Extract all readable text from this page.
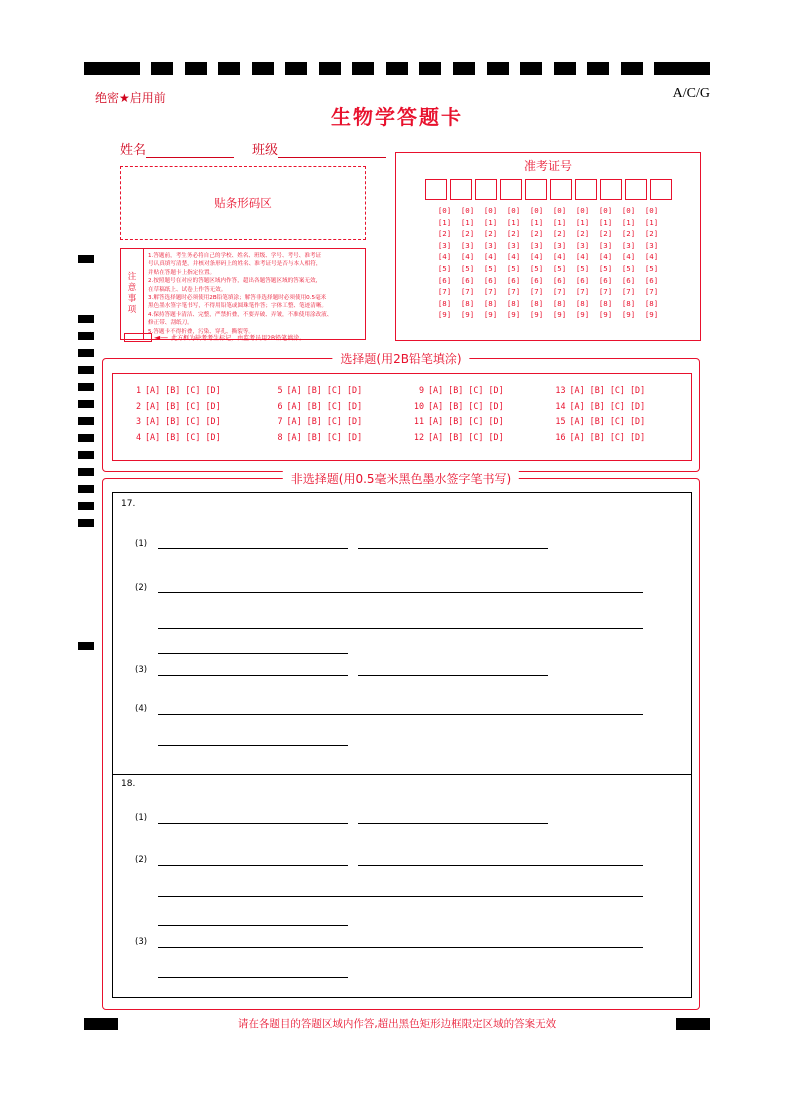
绝密★启用前	A/C/G
生物学答题卡
姓名	班级
贴条形码区
注
意
事
项
1.答题前，考生务必将自己的学校、姓名、班级、学号、考号、准考证
号认真填写清楚，并核对条形码上的姓名、准考证号是否与本人相符，
并贴在答题卡上指定位置。
2.按照题号在对应的答题区域内作答，超出各题答题区域的答案无效，
在草稿纸上、试卷上作答无效。
3.解答选择题时必须使用2B铅笔填涂；解答非选择题时必须使用0.5毫米
黑色墨水签字笔书写，不得用铅笔或圆珠笔作答；字体工整、笔迹清晰。
4.保持答题卡清洁、完整，严禁折叠，不要弄破、弄皱，不准使用涂改液、
修正带、刮纸刀。
5.答题卡不得折叠，污染、穿孔、撕裂等。
◄— 此方框为缺考考生标记，由监考员用2B铅笔填涂。
准考证号
[0]	[0]	[0]	[0]	[0]	[0]	[0]	[0]	[0]	[0]
[1]	[1]	[1]	[1]	[1]	[1]	[1]	[1]	[1]	[1]
[2]	[2]	[2]	[2]	[2]	[2]	[2]	[2]	[2]	[2]
[3]	[3]	[3]	[3]	[3]	[3]	[3]	[3]	[3]	[3]
[4]	[4]	[4]	[4]	[4]	[4]	[4]	[4]	[4]	[4]
[5]	[5]	[5]	[5]	[5]	[5]	[5]	[5]	[5]	[5]
[6]	[6]	[6]	[6]	[6]	[6]	[6]	[6]	[6]	[6]
[7]	[7]	[7]	[7]	[7]	[7]	[7]	[7]	[7]	[7]
[8]	[8]	[8]	[8]	[8]	[8]	[8]	[8]	[8]	[8]
[9]	[9]	[9]	[9]	[9]	[9]	[9]	[9]	[9]	[9]
选择题(用2B铅笔填涂)
1 [A] [B] [C] [D]
2 [A] [B] [C] [D]
3 [A] [B] [C] [D]
4 [A] [B] [C] [D]
5 [A] [B] [C] [D]
6 [A] [B] [C] [D]
7 [A] [B] [C] [D]
8 [A] [B] [C] [D]
9 [A] [B] [C] [D]
10 [A] [B] [C] [D]
11 [A] [B] [C] [D]
12 [A] [B] [C] [D]
13 [A] [B] [C] [D]
14 [A] [B] [C] [D]
15 [A] [B] [C] [D]
16 [A] [B] [C] [D]
非选择题(用0.5毫米黑色墨水签字笔书写)
17.
(1)
(2)
(3)
(4)
18.
(1)
(2)
(3)
请在各题目的答题区域内作答,超出黑色矩形边框限定区域的答案无效
